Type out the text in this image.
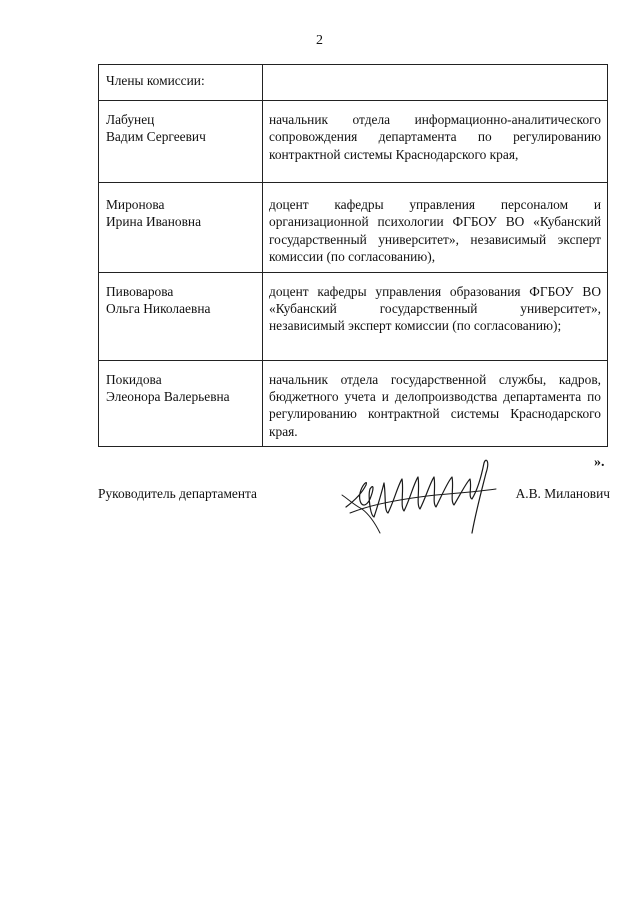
2
Члены комиссии:	

Лабунец
Вадим Сергеевич	начальник отдела информационно-аналитического сопровождения департамента по регулированию контрактной системы Краснодарского края,

Миронова
Ирина Ивановна	доцент кафедры управления персоналом и организационной психологии ФГБОУ ВО «Кубанский государственный университет», независимый эксперт комиссии (по согласованию),

Пивоварова
Ольга Николаевна	доцент кафедры управления образования ФГБОУ ВО «Кубанский государственный университет», независимый эксперт комиссии (по согласованию);

Покидова
Элеонора Валерьевна	начальник отдела государственной службы, кадров, бюджетного учета и делопроизводства департамента по регулированию контрактной системы Краснодарского края.
».
Руководитель департамента	А.В. Миланович
